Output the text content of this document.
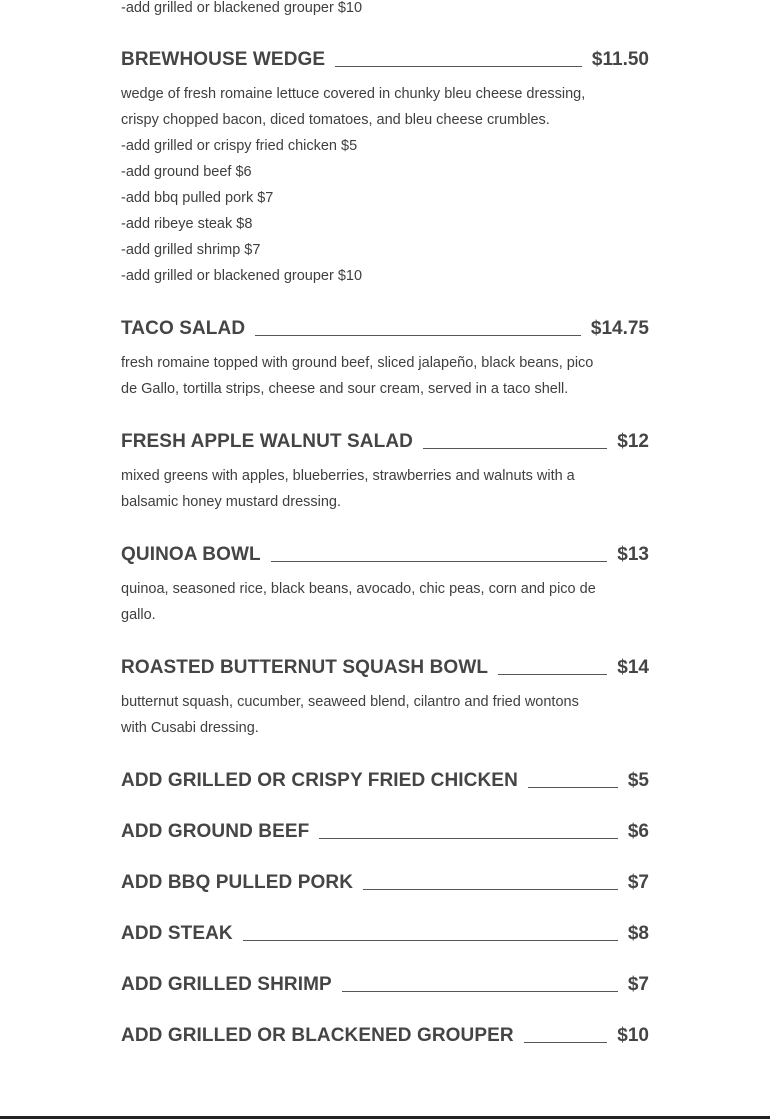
-add grilled or blackened grouper $10
BREWHOUSE WEDGE	$11.50
wedge of fresh romaine lettuce covered in chunky bleu cheese dressing,
crispy chopped bacon, diced tomatoes, and bleu cheese crumbles.
-add grilled or crispy fried chicken $5
-add ground beef $6
-add bbq pulled pork $7
-add ribeye steak $8
-add grilled shrimp $7
-add grilled or blackened grouper $10
TACO SALAD	$14.75
fresh romaine topped with ground beef, sliced jalapeño, black beans, pico
de Gallo, tortilla strips, cheese and sour cream, served in a taco shell.
FRESH APPLE WALNUT SALAD	$12
mixed greens with apples, blueberries, strawberries and walnuts with a
balsamic honey mustard dressing.
QUINOA BOWL	$13
quinoa, seasoned rice, black beans, avocado, chic peas, corn and pico de
gallo.
ROASTED BUTTERNUT SQUASH BOWL	$14
butternut squash, cucumber, seaweed blend, cilantro and fried wontons
with Cusabi dressing.
ADD GRILLED OR CRISPY FRIED CHICKEN	$5
ADD GROUND BEEF	$6
ADD BBQ PULLED PORK	$7
ADD STEAK	$8
ADD GRILLED SHRIMP	$7
ADD GRILLED OR BLACKENED GROUPER	$10
